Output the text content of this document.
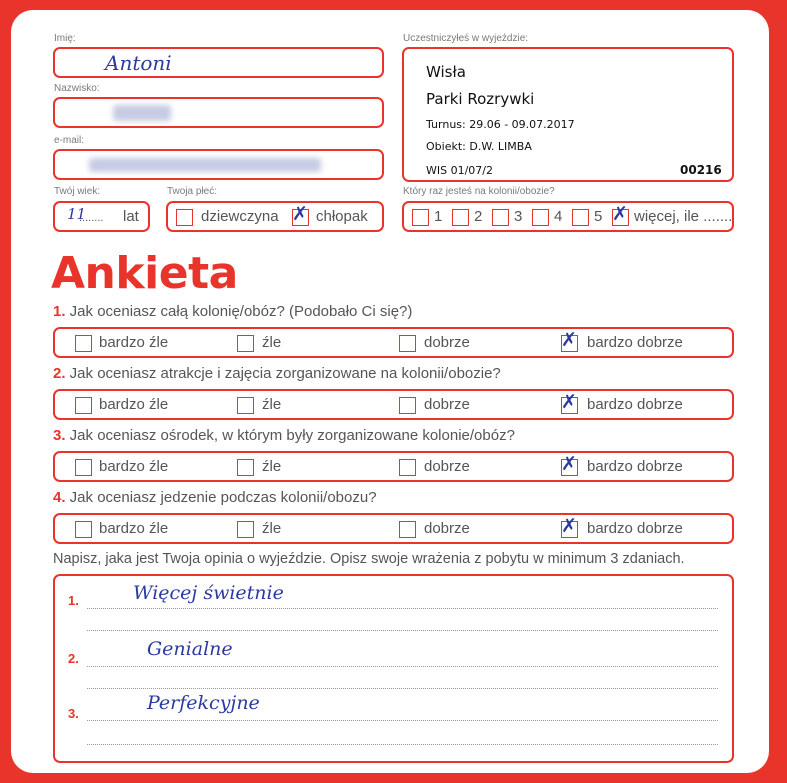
Imię:
Antoni
Nazwisko:
e-mail:
Twój wiek:
11
........ lat
Twoja płeć:
dziewczyna ✗ chłopak
Uczestniczyłeś w wyjeździe:
Wisła
Parki Rozrywki
Turnus: 29.06 - 09.07.2017
Obiekt: D.W. LIMBA
WIS 01/07/2	00216
Który raz jesteś na kolonii/obozie?
1 2 3 4 5 ✗ więcej, ile .......
Ankieta
1. Jak oceniasz całą kolonię/obóz? (Podobało Ci się?)
bardzo źle	źle	dobrze	✗ bardzo dobrze
2. Jak oceniasz atrakcje i zajęcia zorganizowane na kolonii/obozie?
bardzo źle	źle	dobrze	✗ bardzo dobrze
3. Jak oceniasz ośrodek, w którym były zorganizowane kolonie/obóz?
bardzo źle	źle	dobrze	✗ bardzo dobrze
4. Jak oceniasz jedzenie podczas kolonii/obozu?
bardzo źle	źle	dobrze	✗ bardzo dobrze
Napisz, jaka jest Twoja opinia o wyjeździe. Opisz swoje wrażenia z pobytu w minimum 3 zdaniach.
1.	Więcej świetnie
2.	Genialne
3.	Perfekcyjne
